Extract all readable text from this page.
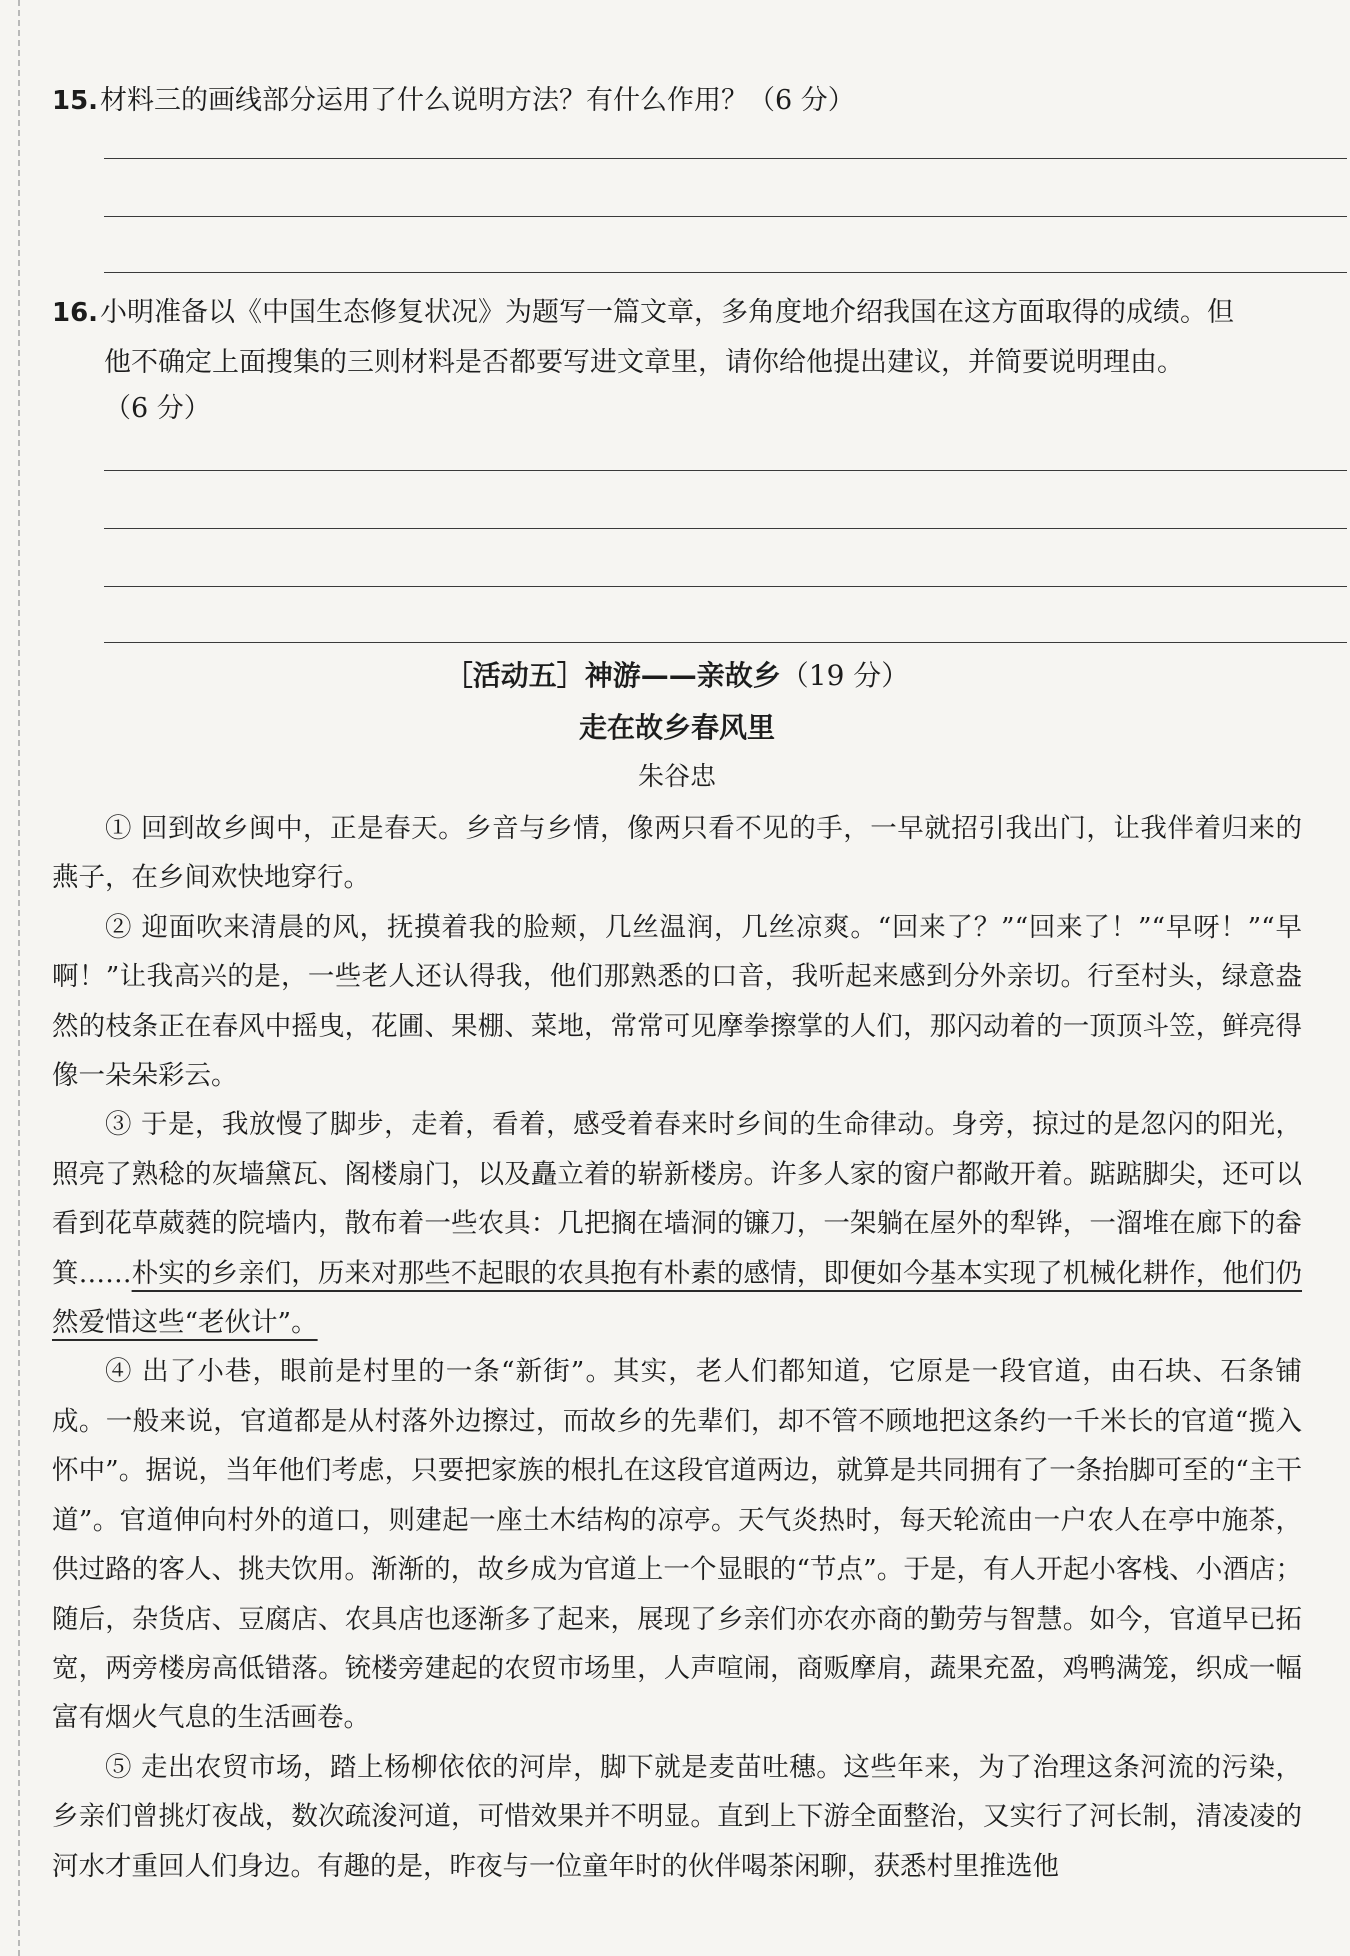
15.材料三的画线部分运用了什么说明方法？有什么作用？（6 分）
16.小明准备以《中国生态修复状况》为题写一篇文章，多角度地介绍我国在这方面取得的成绩。但
他不确定上面搜集的三则材料是否都要写进文章里，请你给他提出建议，并简要说明理由。
（6 分）
［活动五］神游——亲故乡（19 分）
走在故乡春风里
朱谷忠

① 回到故乡闽中，正是春天。乡音与乡情，像两只看不见的手，一早就招引我出门，让我伴着归来的燕子，在乡间欢快地穿行。

② 迎面吹来清晨的风，抚摸着我的脸颊，几丝温润，几丝凉爽。“回来了？”“回来了！”“早呀！”“早啊！”让我高兴的是，一些老人还认得我，他们那熟悉的口音，我听起来感到分外亲切。行至村头，绿意盎然的枝条正在春风中摇曳，花圃、果棚、菜地，常常可见摩拳擦掌的人们，那闪动着的一顶顶斗笠，鲜亮得像一朵朵彩云。

③ 于是，我放慢了脚步，走着，看着，感受着春来时乡间的生命律动。身旁，掠过的是忽闪的阳光，照亮了熟稔的灰墙黛瓦、阁楼扇门，以及矗立着的崭新楼房。许多人家的窗户都敞开着。踮踮脚尖，还可以看到花草葳蕤的院墙内，散布着一些农具：几把搁在墙洞的镰刀，一架躺在屋外的犁铧，一溜堆在廊下的畚箕……朴实的乡亲们，历来对那些不起眼的农具抱有朴素的感情，即便如今基本实现了机械化耕作，他们仍然爱惜这些“老伙计”。

④ 出了小巷，眼前是村里的一条“新街”。其实，老人们都知道，它原是一段官道，由石块、石条铺成。一般来说，官道都是从村落外边擦过，而故乡的先辈们，却不管不顾地把这条约一千米长的官道“揽入怀中”。据说，当年他们考虑，只要把家族的根扎在这段官道两边，就算是共同拥有了一条抬脚可至的“主干道”。官道伸向村外的道口，则建起一座土木结构的凉亭。天气炎热时，每天轮流由一户农人在亭中施茶，供过路的客人、挑夫饮用。渐渐的，故乡成为官道上一个显眼的“节点”。于是，有人开起小客栈、小酒店；随后，杂货店、豆腐店、农具店也逐渐多了起来，展现了乡亲们亦农亦商的勤劳与智慧。如今，官道早已拓宽，两旁楼房高低错落。铳楼旁建起的农贸市场里，人声喧闹，商贩摩肩，蔬果充盈，鸡鸭满笼，织成一幅富有烟火气息的生活画卷。

⑤ 走出农贸市场，踏上杨柳依依的河岸，脚下就是麦苗吐穗。这些年来，为了治理这条河流的污染，乡亲们曾挑灯夜战，数次疏浚河道，可惜效果并不明显。直到上下游全面整治，又实行了河长制，清凌凌的河水才重回人们身边。有趣的是，昨夜与一位童年时的伙伴喝茶闲聊，获悉村里推选他
